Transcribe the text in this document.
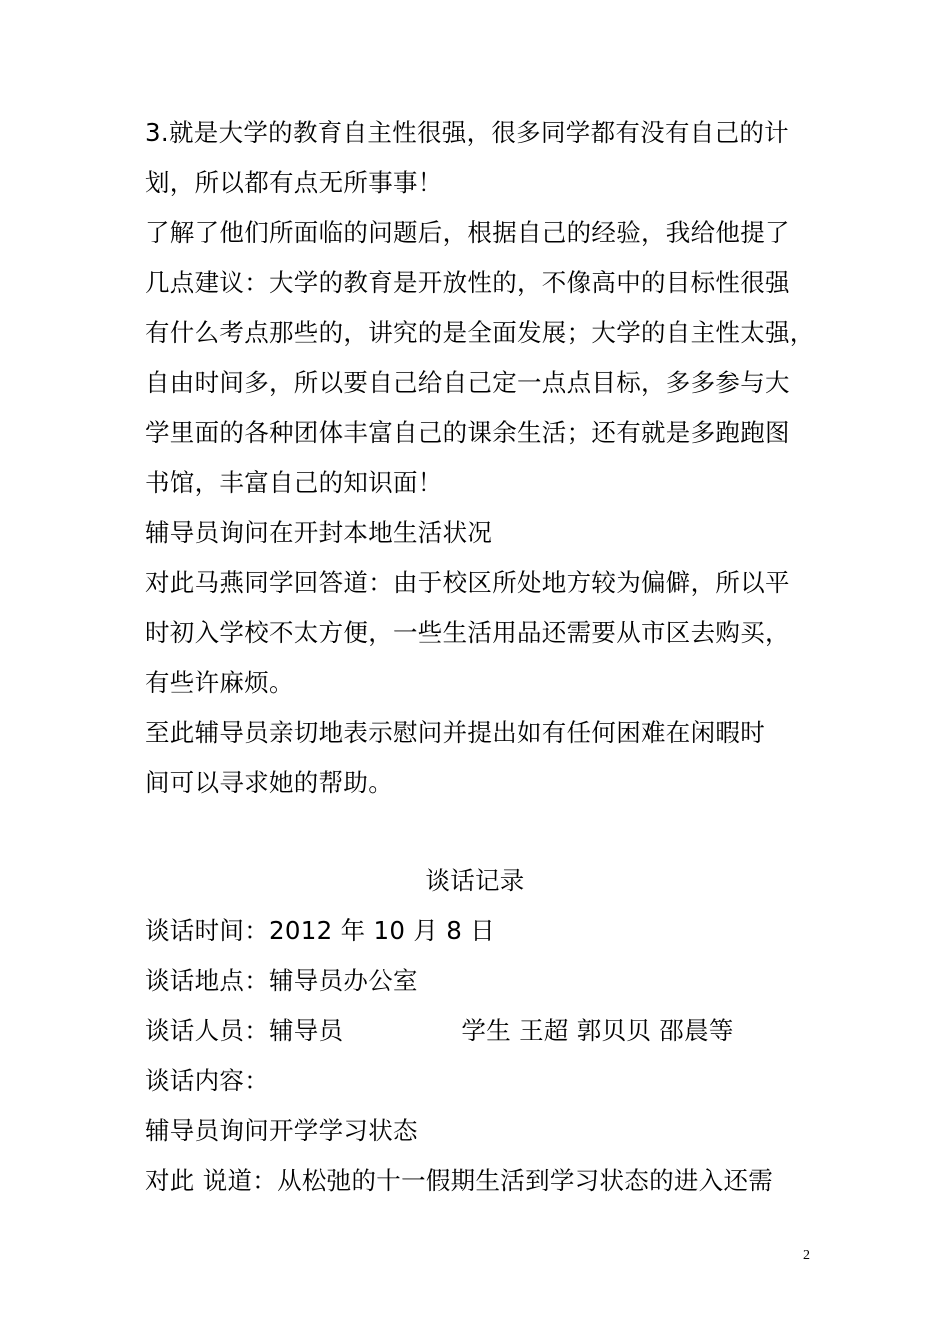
3.就是大学的教育自主性很强，很多同学都有没有自己的计
划，所以都有点无所事事！
了解了他们所面临的问题后，根据自己的经验，我给他提了
几点建议：大学的教育是开放性的，不像高中的目标性很强
有什么考点那些的，讲究的是全面发展；大学的自主性太强，
自由时间多，所以要自己给自己定一点点目标，多多参与大
学里面的各种团体丰富自己的课余生活；还有就是多跑跑图
书馆，丰富自己的知识面！
辅导员询问在开封本地生活状况
对此马燕同学回答道：由于校区所处地方较为偏僻，所以平
时初入学校不太方便，一些生活用品还需要从市区去购买，
有些许麻烦。
至此辅导员亲切地表示慰问并提出如有任何困难在闲暇时
间可以寻求她的帮助。
谈话记录
谈话时间：2012 年 10 月 8 日
谈话地点：辅导员办公室
谈话人员：辅导员	学生 王超 郭贝贝 邵晨等
谈话内容：
辅导员询问开学学习状态
对此 说道：从松弛的十一假期生活到学习状态的进入还需
2
